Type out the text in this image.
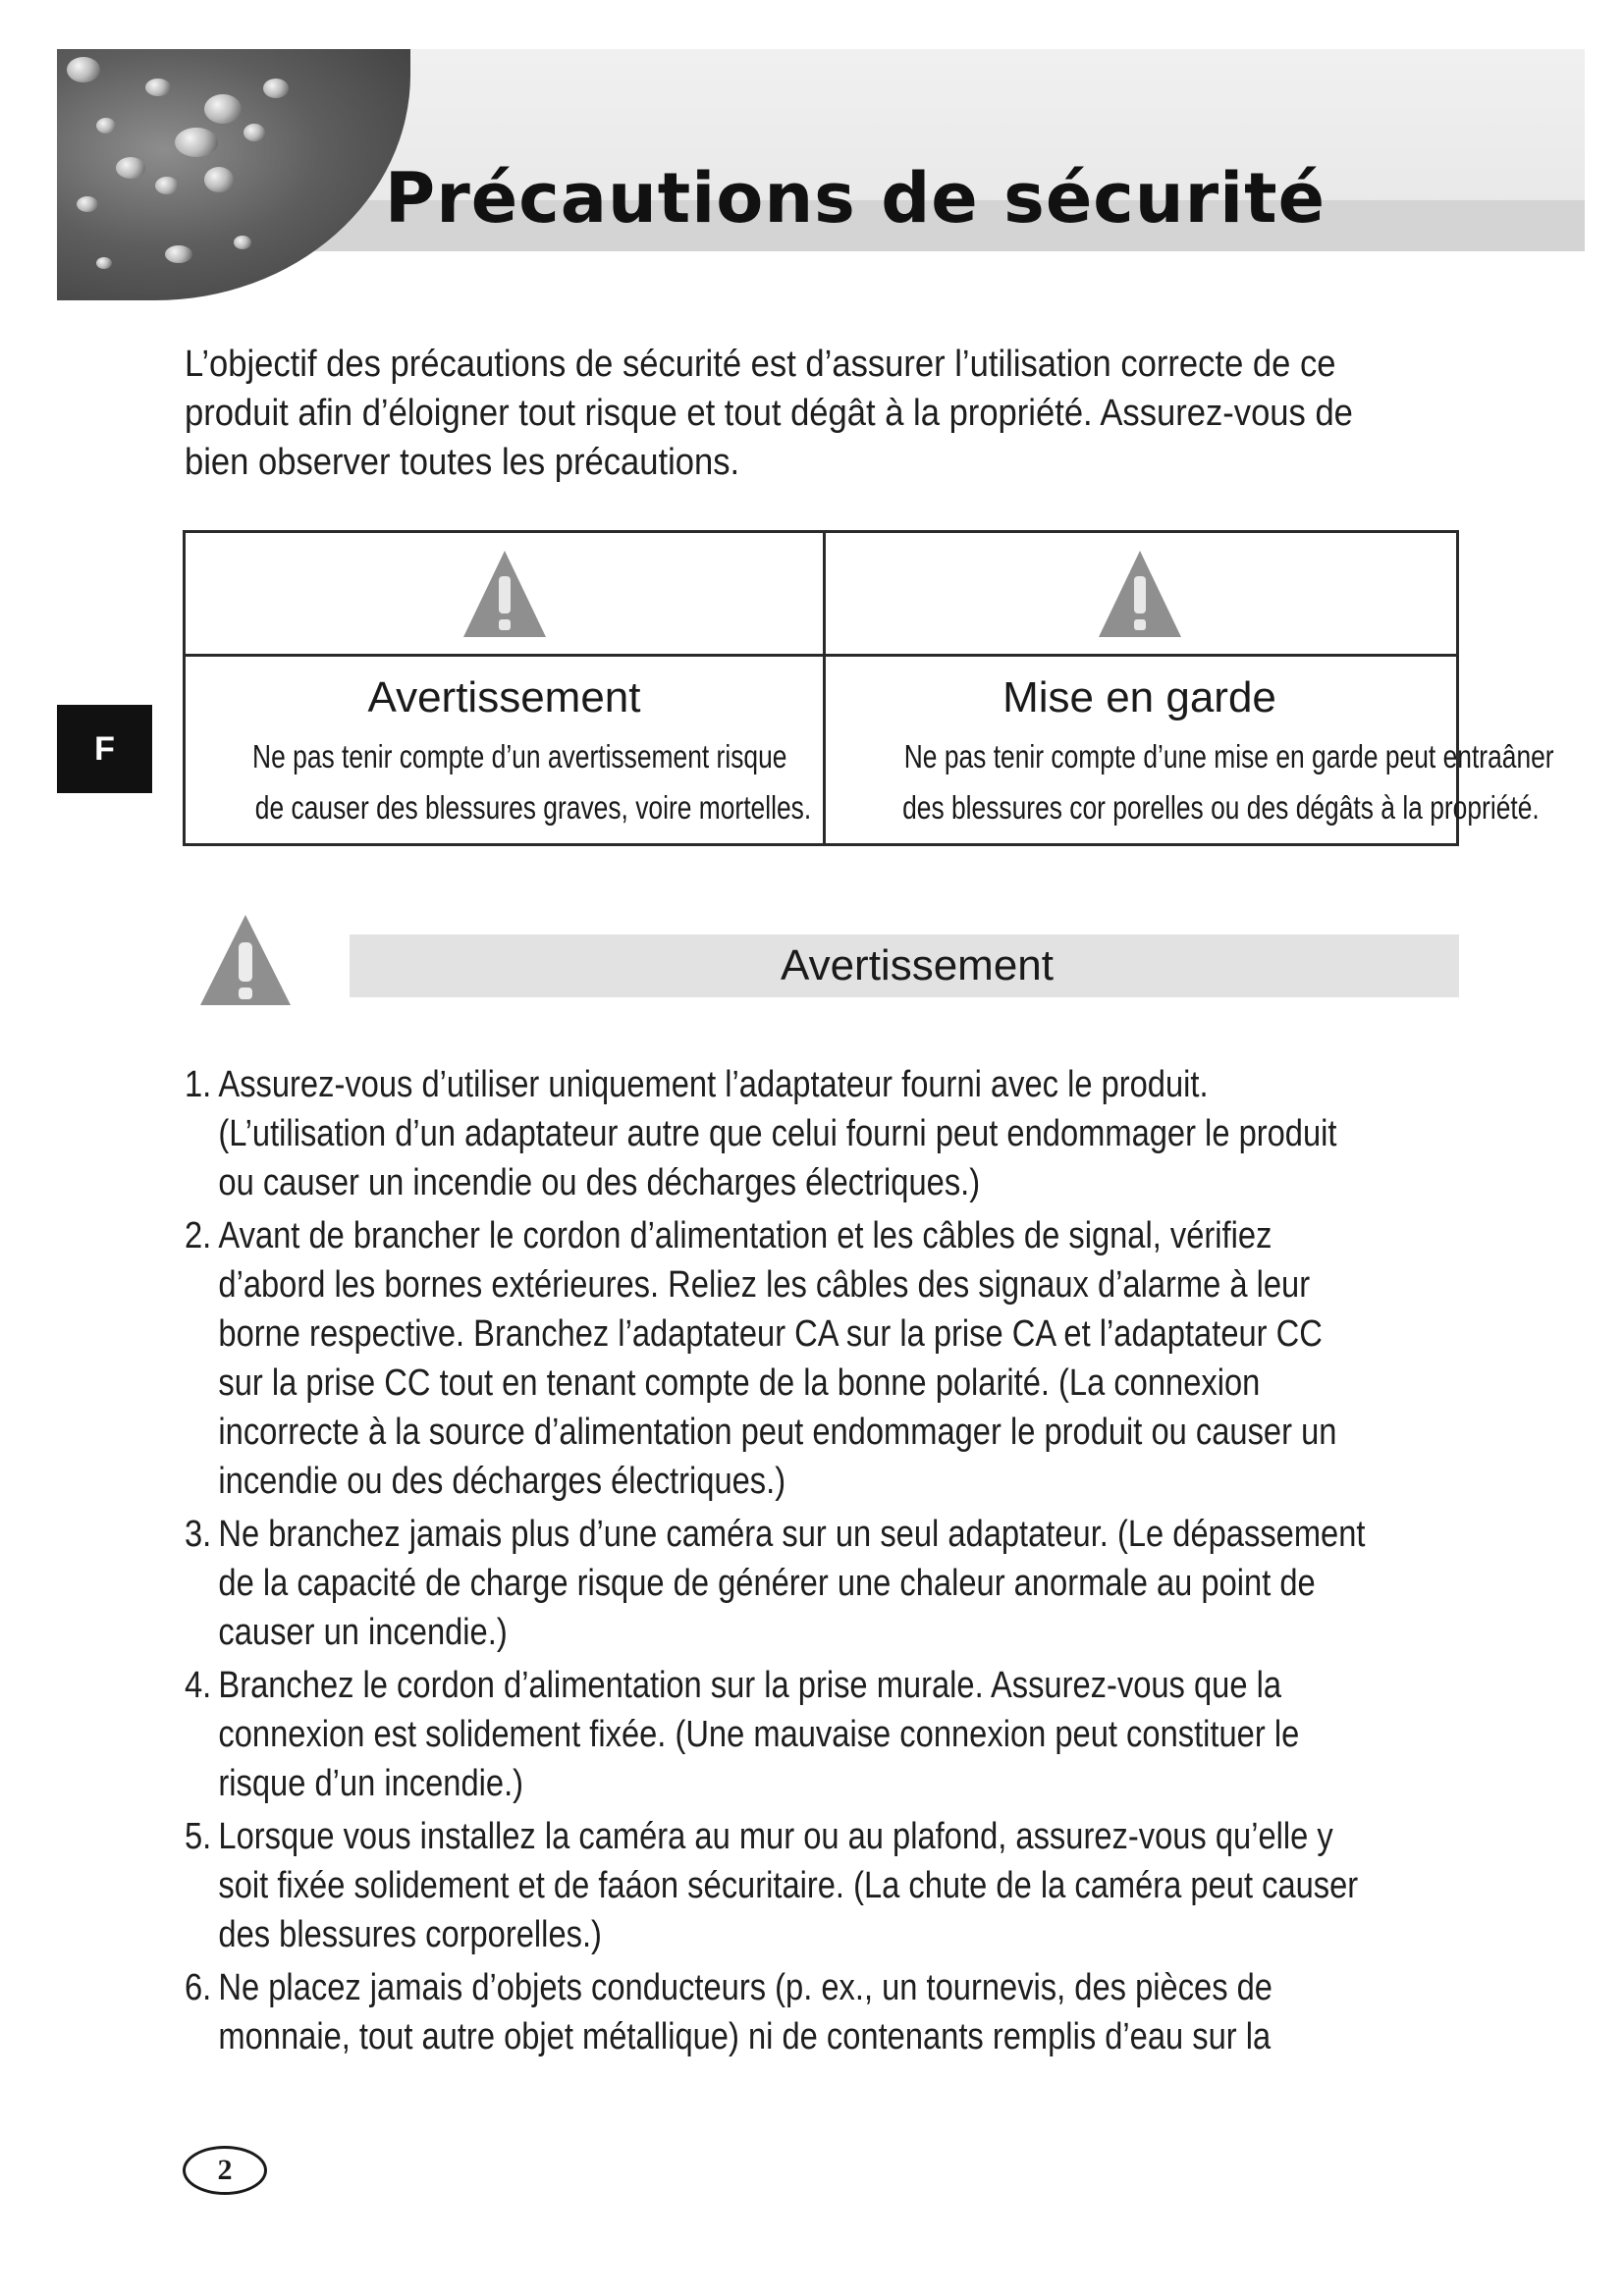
Précautions de sécurité
F

L’objectif des précautions de sécurité est d’assurer l’utilisation correcte de ce produit afin d’éloigner tout risque et tout dégât à la propriété. Assurez-vous de bien observer toutes les précautions.

Avertissement
Ne pas tenir compte d’un avertissement risque
de causer des blessures graves, voire mortelles.
Mise en garde
Ne pas tenir compte d’une mise en garde peut entraâner
des blessures cor porelles ou des dégâts à la propriété.
Avertissement
1. Assurez-vous d’utiliser uniquement l’adaptateur fourni avec le produit. (L’utilisation d’un adaptateur autre que celui fourni peut endommager le produit ou causer un incendie ou des décharges électriques.)
2. Avant de brancher le cordon d’alimentation et les câbles de signal, vérifiez d’abord les bornes extérieures. Reliez les câbles des signaux d’alarme à leur borne respective. Branchez l’adaptateur CA sur la prise CA et l’adaptateur CC sur la prise CC tout en tenant compte de la bonne polarité. (La connexion incorrecte à la source d’alimentation peut endommager le produit ou causer un incendie ou des décharges électriques.)
3. Ne branchez jamais plus d’une caméra sur un seul adaptateur. (Le dépassement de la capacité de charge risque de générer une chaleur anormale au point de causer un incendie.)
4. Branchez le cordon d’alimentation sur la prise murale. Assurez-vous que la connexion est solidement fixée. (Une mauvaise connexion peut constituer le risque d’un incendie.)
5. Lorsque vous installez la caméra au mur ou au plafond, assurez-vous qu’elle y soit fixée solidement et de faáon sécuritaire. (La chute de la caméra peut causer des blessures corporelles.)
6. Ne placez jamais d’objets conducteurs (p. ex., un tournevis, des pièces de monnaie, tout autre objet métallique) ni de contenants remplis d’eau sur la
2
